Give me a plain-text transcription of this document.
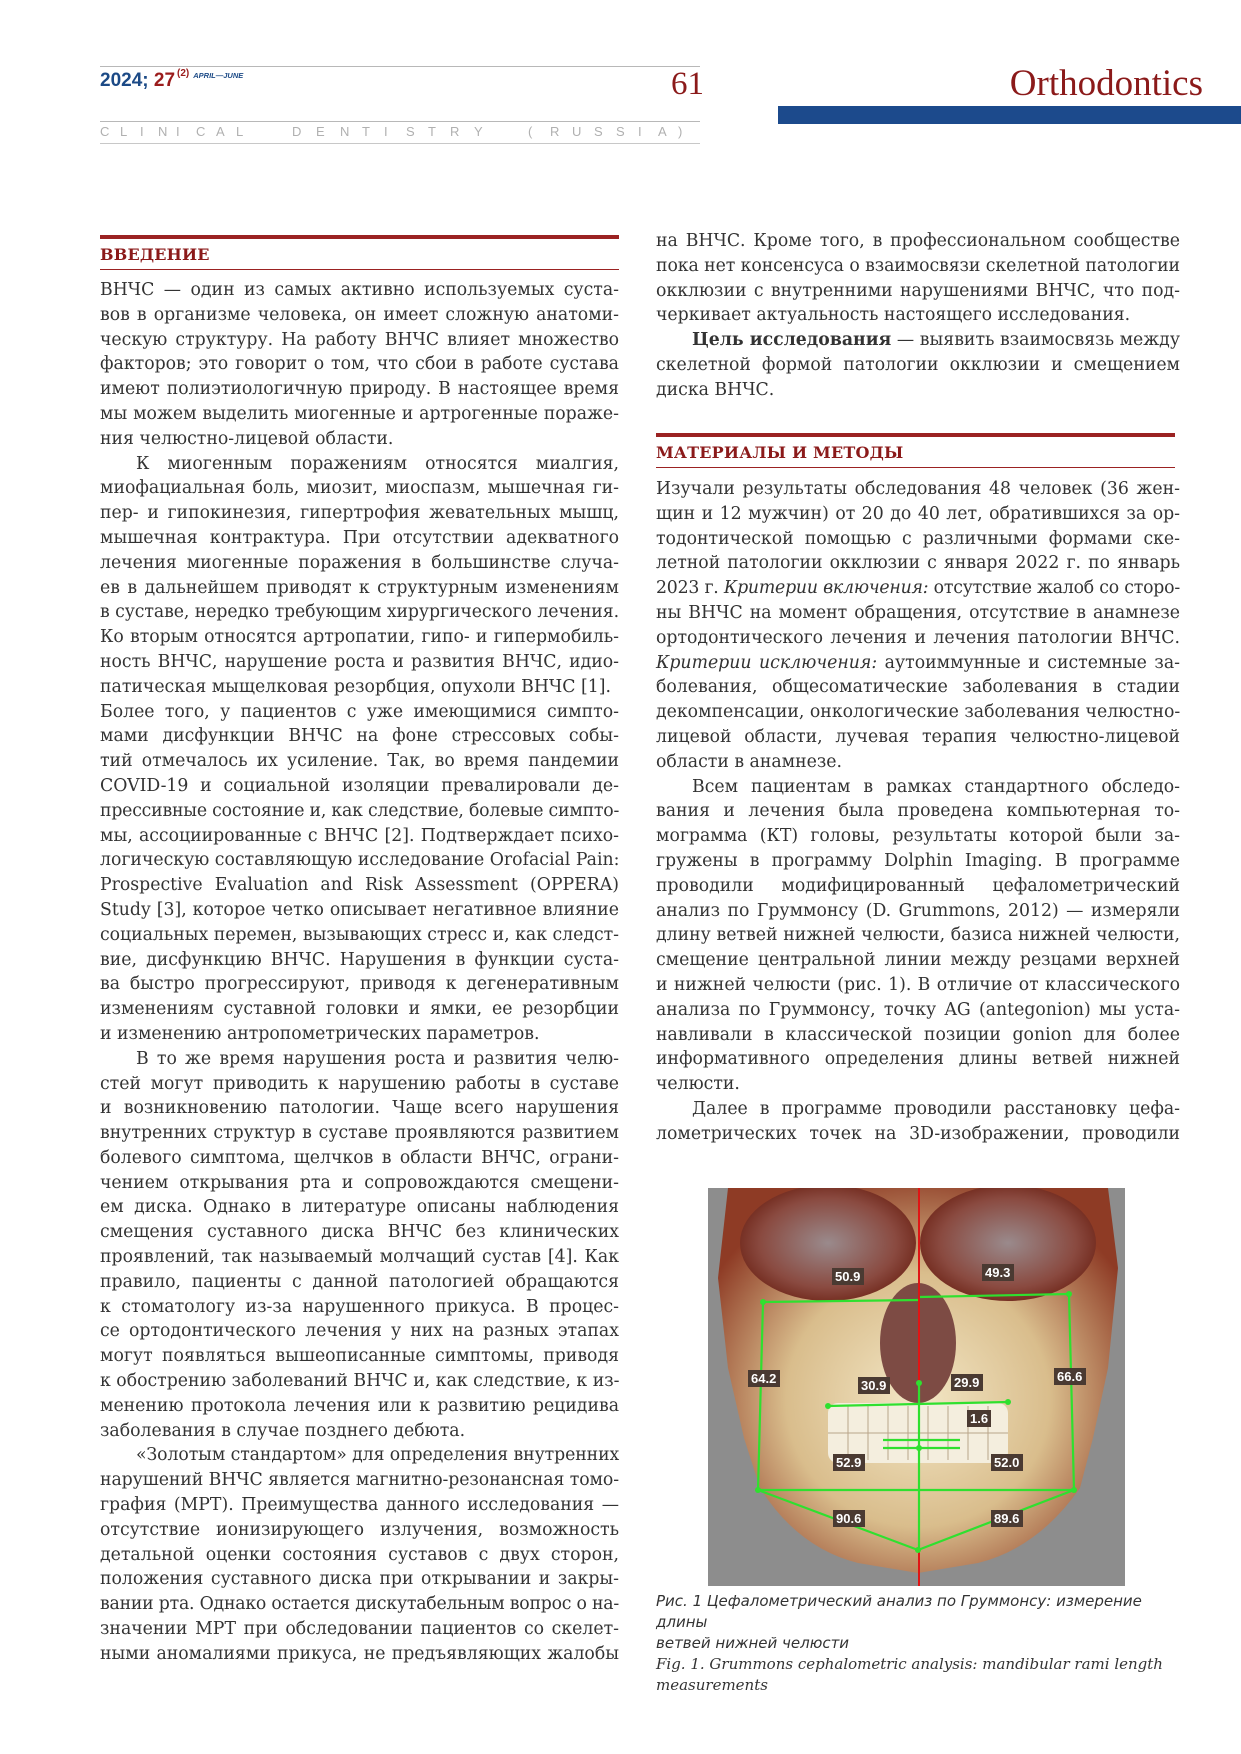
2024; 27 $^{(2)}$ $^{APRIL—JUNE}$	61
C L I N I C A L	D E N T I S T R Y	( R U S S I A )
Orthodontics
ВВЕДЕНИЕ
ВНЧС — один из самых активно используемых суста-
вов в организме человека, он имеет сложную анатоми-
ческую структуру. На работу ВНЧС влияет множество
факторов; это говорит о том, что сбои в работе сустава
имеют полиэтиологичную природу. В настоящее время
мы можем выделить миогенные и артрогенные пораже-
ния челюстно-лицевой области.
К миогенным поражениям относятся миалгия,
миофациальная боль, миозит, миоспазм, мышечная ги-
пер- и гипокинезия, гипертрофия жевательных мышц,
мышечная контрактура. При отсутствии адекватного
лечения миогенные поражения в большинстве случа-
ев в дальнейшем приводят к структурным изменениям
в суставе, нередко требующим хирургического лечения.
Ко вторым относятся артропатии, гипо- и гипермобиль-
ность ВНЧС, нарушение роста и развития ВНЧС, идио-
патическая мыщелковая резорбция, опухоли ВНЧС [1].
Более того, у пациентов с уже имеющимися симпто-
мами дисфункции ВНЧС на фоне стрессовых собы-
тий отмечалось их усиление. Так, во время пандемии
COVID-19 и социальной изоляции превалировали де-
прессивные состояние и, как следствие, болевые симпто-
мы, ассоциированные с ВНЧС [2]. Подтверждает психо-
логическую составляющую исследование Orofacial Pain:
Prospective Evaluation and Risk Assessment (OPPERA)
Study [3], которое четко описывает негативное влияние
социальных перемен, вызывающих стресс и, как следст-
вие, дисфункцию ВНЧС. Нарушения в функции суста-
ва быстро прогрессируют, приводя к дегенеративным
изменениям суставной головки и ямки, ее резорбции
и изменению антропометрических параметров.
В то же время нарушения роста и развития челю-
стей могут приводить к нарушению работы в суставе
и возникновению патологии. Чаще всего нарушения
внутренних структур в суставе проявляются развитием
болевого симптома, щелчков в области ВНЧС, ограни-
чением открывания рта и сопровождаются смещени-
ем диска. Однако в литературе описаны наблюдения
смещения суставного диска ВНЧС без клинических
проявлений, так называемый молчащий сустав [4]. Как
правило, пациенты с данной патологией обращаются
к стоматологу из-за нарушенного прикуса. В процес-
се ортодонтического лечения у них на разных этапах
могут появляться вышеописанные симптомы, приводя
к обострению заболеваний ВНЧС и, как следствие, к из-
менению протокола лечения или к развитию рецидива
заболевания в случае позднего дебюта.
«Золотым стандартом» для определения внутренних
нарушений ВНЧС является магнитно-резонансная томо-
графия (МРТ). Преимущества данного исследования —
отсутствие ионизирующего излучения, возможность
детальной оценки состояния суставов с двух сторон,
положения суставного диска при открывании и закры-
вании рта. Однако остается дискутабельным вопрос о на-
значении МРТ при обследовании пациентов со скелет-
ными аномалиями прикуса, не предъявляющих жалобы
на ВНЧС. Кроме того, в профессиональном сообществе
пока нет консенсуса о взаимосвязи скелетной патологии
окклюзии с внутренними нарушениями ВНЧС, что под-
черкивает актуальность настоящего исследования.
Цель исследования — выявить взаимосвязь между
скелетной формой патологии окклюзии и смещением
диска ВНЧС.
МАТЕРИАЛЫ И МЕТОДЫ
Изучали результаты обследования 48 человек (36 жен-
щин и 12 мужчин) от 20 до 40 лет, обратившихся за ор-
тодонтической помощью с различными формами ске-
летной патологии окклюзии с января 2022 г. по январь
2023 г. Критерии включения: отсутствие жалоб со сторо-
ны ВНЧС на момент обращения, отсутствие в анамнезе
ортодонтического лечения и лечения патологии ВНЧС.
Критерии исключения: аутоиммунные и системные за-
болевания, общесоматические заболевания в стадии
декомпенсации, онкологические заболевания челюстно-
лицевой области, лучевая терапия челюстно-лицевой
области в анамнезе.
Всем пациентам в рамках стандартного обследо-
вания и лечения была проведена компьютерная то-
мограмма (КТ) головы, результаты которой были за-
гружены в программу Dolphin Imaging. В программе
проводили модифицированный цефалометрический
анализ по Груммонсу (D. Grummons, 2012) — измеряли
длину ветвей нижней челюсти, базиса нижней челюсти,
смещение центральной линии между резцами верхней
и нижней челюсти (рис. 1). В отличие от классического
анализа по Груммонсу, точку AG (antegonion) мы уста-
навливали в классической позиции gonion для более
информативного определения длины ветвей нижней
челюсти.
Далее в программе проводили расстановку цефа-
лометрических точек на 3D-изображении, проводили
50.9	49.3
64.2	66.6
30.9	29.9
1.6
52.9	52.0
90.6	89.6
Рис. 1 Цефалометрический анализ по Груммонсу: измерение длины
ветвей нижней челюсти
Fig. 1. Grummons cephalometric analysis: mandibular rami length
measurements
